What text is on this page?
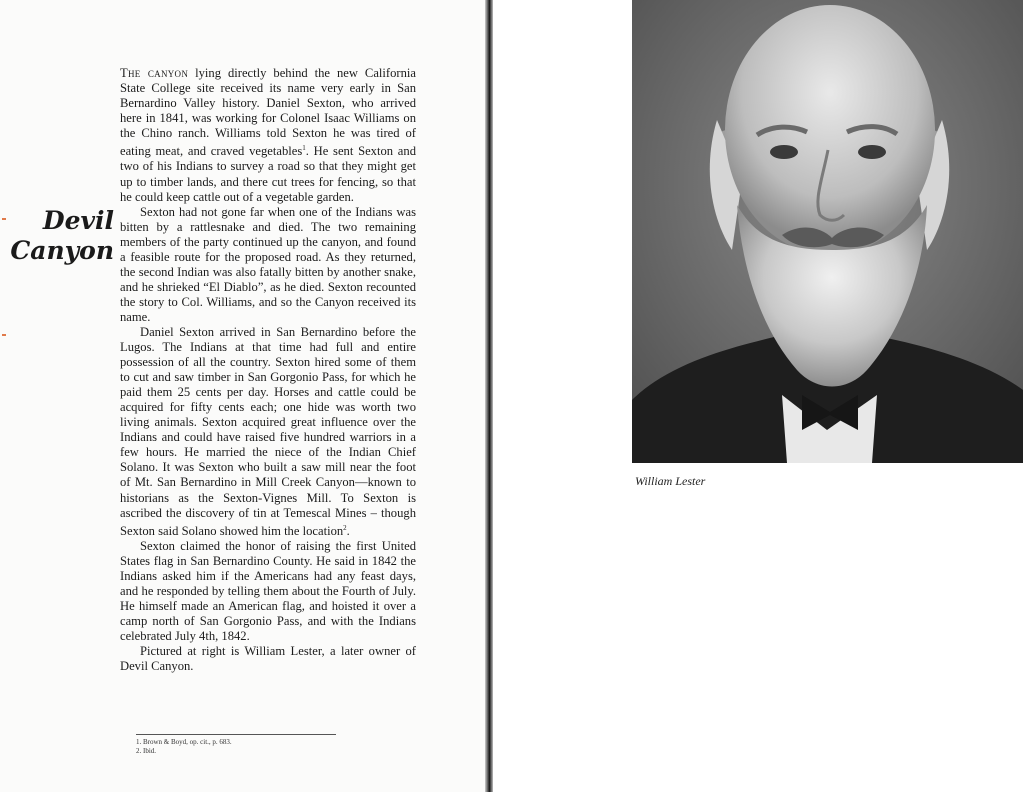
Devil
Canyon

The canyon lying directly behind the new California State College site received its name very early in San Bernardino Valley history. Daniel Sexton, who arrived here in 1841, was working for Colonel Isaac Williams on the Chino ranch. Williams told Sexton he was tired of eating meat, and craved vegetables$^1$. He sent Sexton and two of his Indians to survey a road so that they might get up to timber lands, and there cut trees for fencing, so that he could keep cattle out of a vegetable garden.

Sexton had not gone far when one of the Indians was bitten by a rattlesnake and died. The two remaining members of the party continued up the canyon, and found a feasible route for the proposed road. As they returned, the second Indian was also fatally bitten by another snake, and he shrieked “El Diablo”, as he died. Sexton recounted the story to Col. Williams, and so the Canyon received its name.

Daniel Sexton arrived in San Bernardino before the Lugos. The Indians at that time had full and entire possession of all the country. Sexton hired some of them to cut and saw timber in San Gorgonio Pass, for which he paid them 25 cents per day. Horses and cattle could be acquired for fifty cents each; one hide was worth two living animals. Sexton acquired great influence over the Indians and could have raised five hundred warriors in a few hours. He married the niece of the Indian Chief Solano. It was Sexton who built a saw mill near the foot of Mt. San Bernardino in Mill Creek Canyon—known to historians as the Sexton-Vignes Mill. To Sexton is ascribed the discovery of tin at Temescal Mines – though Sexton said Solano showed him the location$^2$.

Sexton claimed the honor of raising the first United States flag in San Bernardino County. He said in 1842 the Indians asked him if the Americans had any feast days, and he responded by telling them about the Fourth of July. He himself made an American flag, and hoisted it over a camp north of San Gorgonio Pass, and with the Indians celebrated July 4th, 1842.

Pictured at right is William Lester, a later owner of Devil Canyon.

1. Brown & Boyd, op. cit., p. 683.
2. Ibid.
William Lester
